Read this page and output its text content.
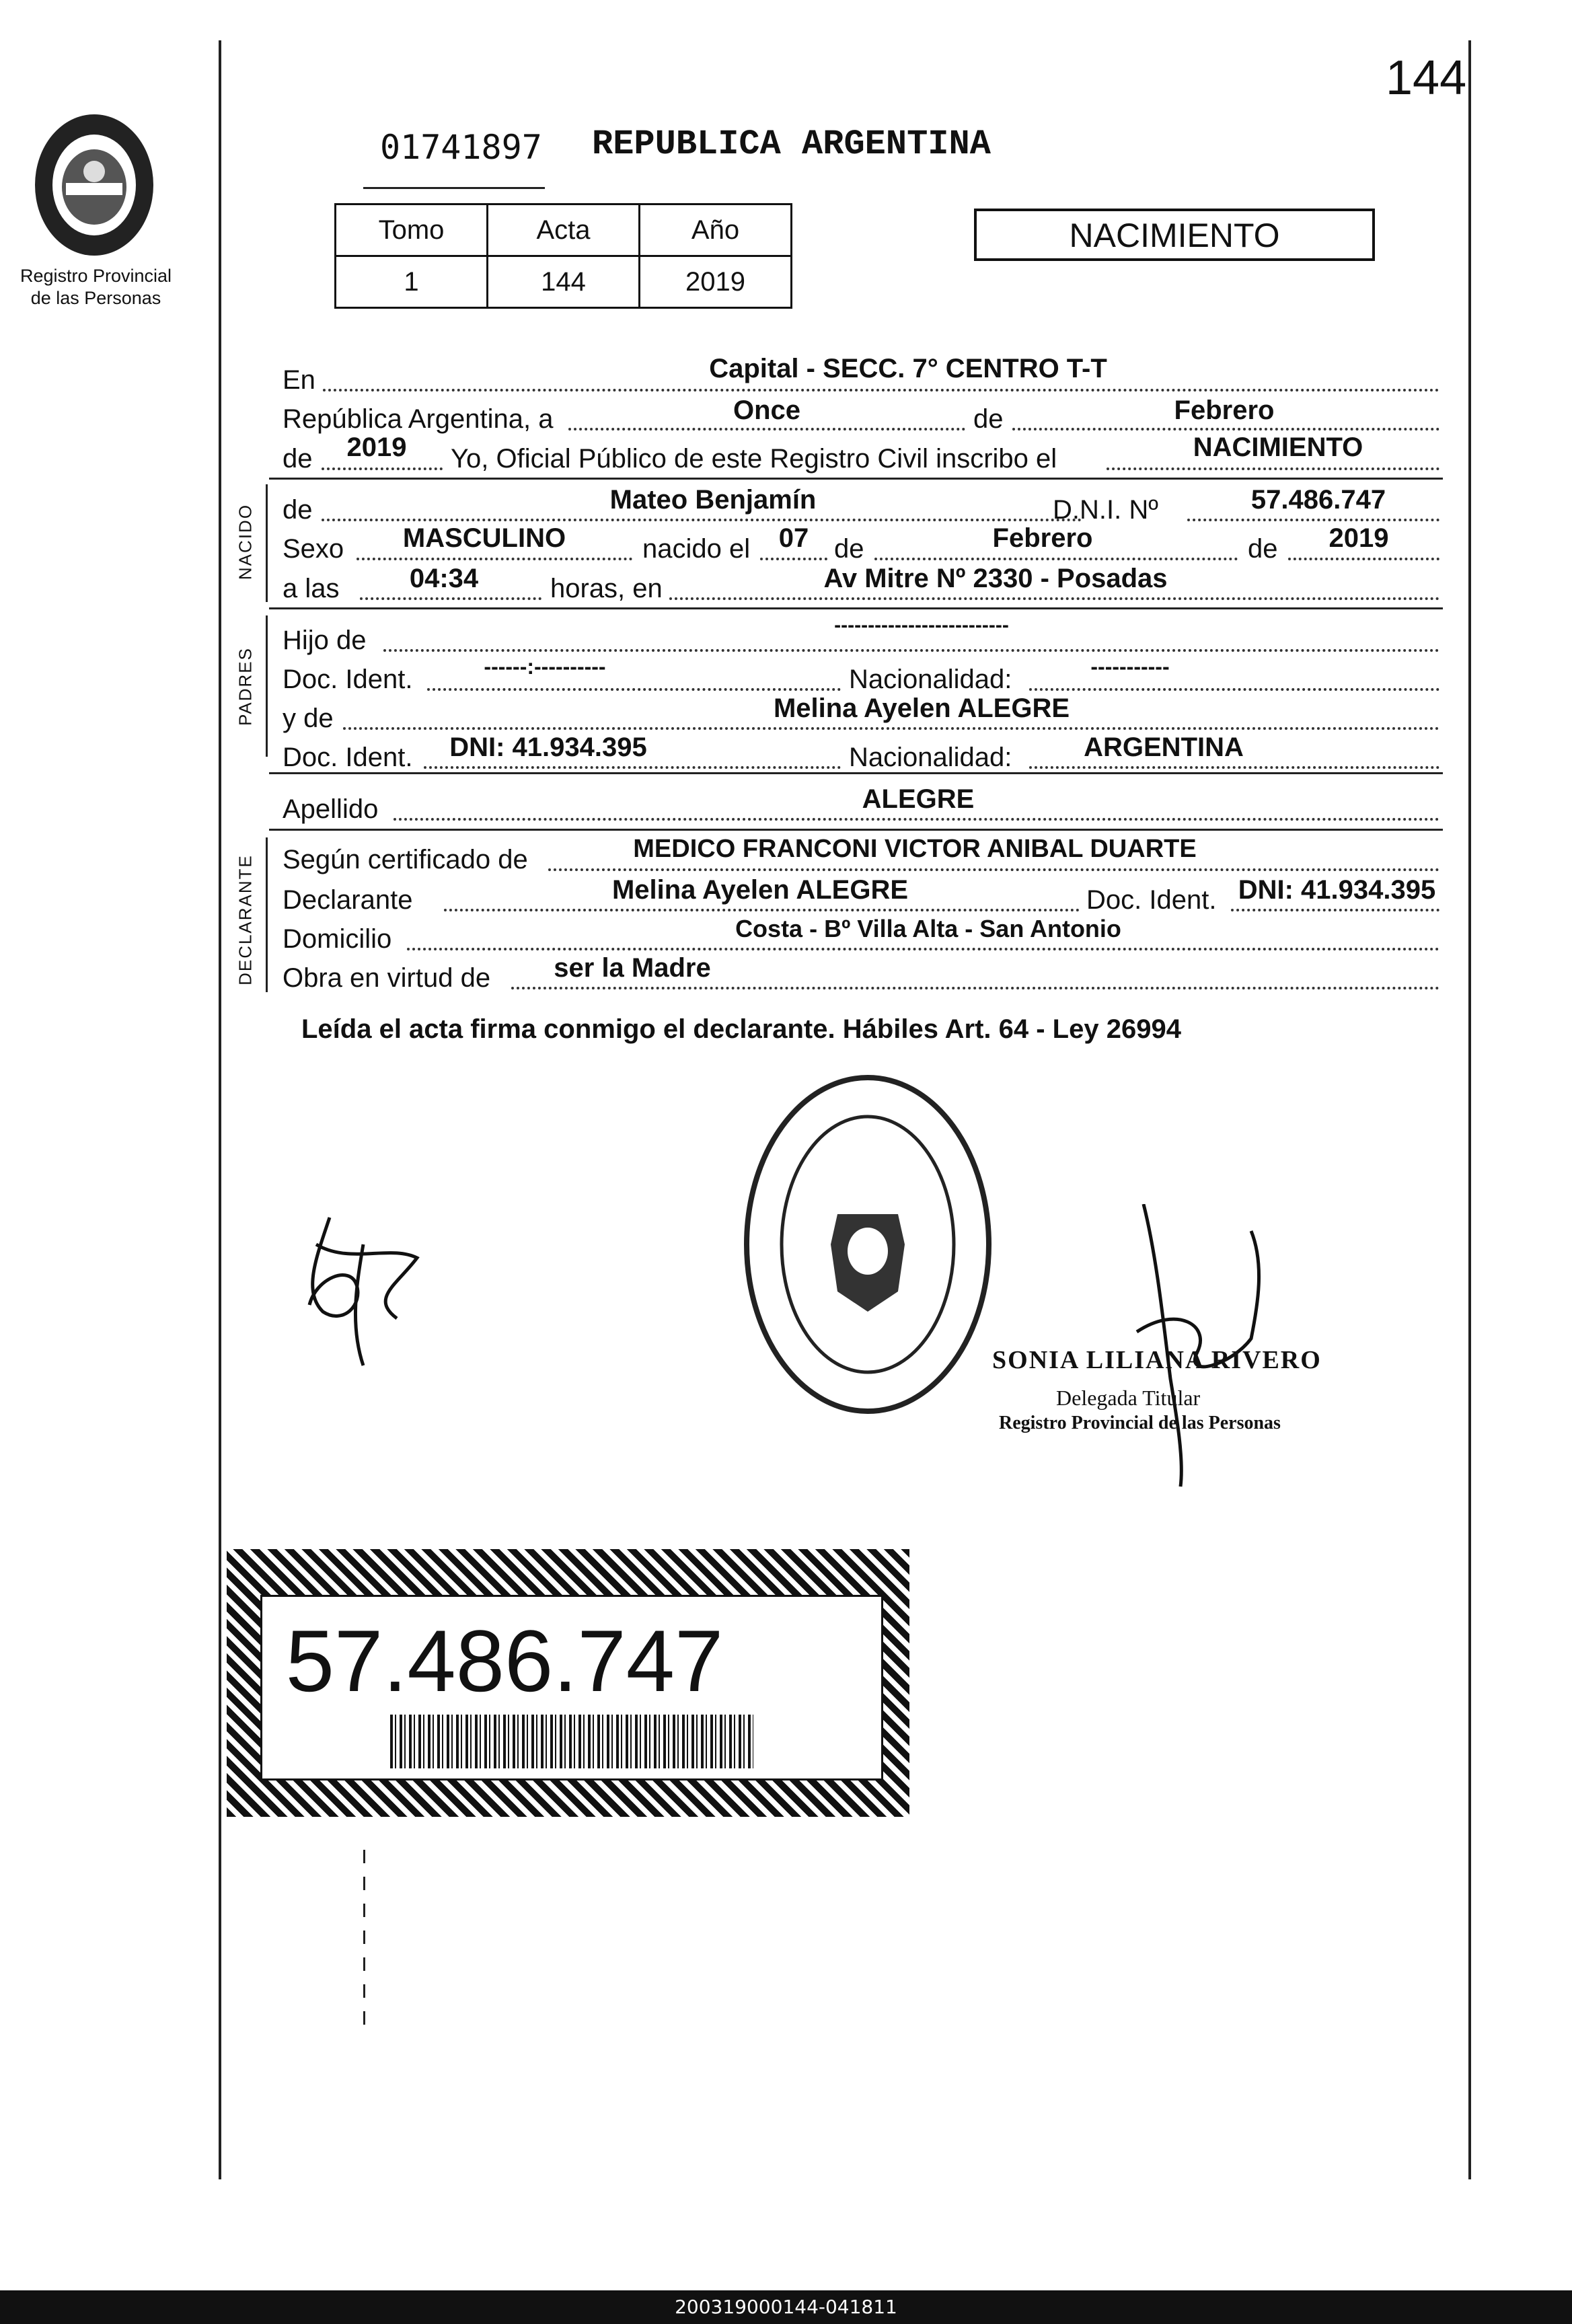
144
Registro Provincial
de las Personas
01741897 REPUBLICA ARGENTINA
Tomo	Acta	Año
1	144	2019
NACIMIENTO
En	Capital - SECC. 7° CENTRO T-T
República Argentina, a	Once	de	Febrero
de	2019	Yo, Oficial Público de este Registro Civil inscribo el	NACIMIENTO
NACIDO de	Mateo Benjamín	D.N.I. Nº	57.486.747
Sexo	MASCULINO	nacido el	07 de	Febrero	de	2019
a las	04:34	horas, en	Av Mitre Nº 2330 - Posadas
PADRES
Hijo de
--------------------------
Doc. Ident.	------:----------	Nacionalidad:	-----------
y de	Melina Ayelen ALEGRE
Doc. Ident.	DNI: 41.934.395	Nacionalidad:	ARGENTINA
Apellido	ALEGRE
DECLARANTE Según certificado de	MEDICO FRANCONI VICTOR ANIBAL DUARTE
Declarante	Melina Ayelen ALEGRE	Doc. Ident. DNI: 41.934.395
Domicilio	Costa - Bº Villa Alta - San Antonio
Obra en virtud de	ser la Madre
Leída el acta firma conmigo el declarante. Hábiles Art. 64 - Ley 26994
SONIA LILIANA RIVERO
Delegada Titular
Registro Provincial de las Personas
57.486.747
200319000144-041811
